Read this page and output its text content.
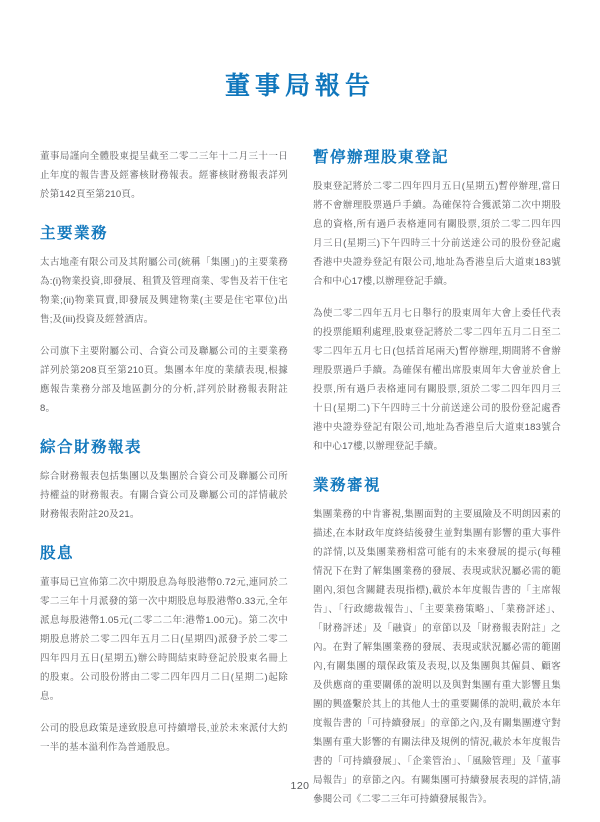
董事局報告

董事局謹向全體股東提呈截至二零二三年十二月三十一日止年度的報告書及經審核財務報表。經審核財務報表詳列於第142頁至第210頁。

主要業務

太古地產有限公司及其附屬公司(統稱「集團」)的主要業務為:(i)物業投資,即發展、租賃及管理商業、零售及若干住宅物業;(ii)物業買賣,即發展及興建物業(主要是住宅單位)出售;及(iii)投資及經營酒店。

公司旗下主要附屬公司、合資公司及聯屬公司的主要業務詳列於第208頁至第210頁。集團本年度的業績表現,根據應報告業務分部及地區劃分的分析,詳列於財務報表附註8。

綜合財務報表

綜合財務報表包括集團以及集團於合資公司及聯屬公司所持權益的財務報表。有關合資公司及聯屬公司的詳情載於財務報表附註20及21。

股息

董事局已宣佈第二次中期股息為每股港幣0.72元,連同於二零二三年十月派發的第一次中期股息每股港幣0.33元,全年派息每股港幣1.05元(二零二二年:港幣1.00元)。第二次中期股息將於二零二四年五月二日(星期四)派發予於二零二四年四月五日(星期五)辦公時間結束時登記於股東名冊上的股東。公司股份將由二零二四年四月二日(星期二)起除息。

公司的股息政策是達致股息可持續增長,並於未來派付大約一半的基本溢利作為普通股息。

暫停辦理股東登記

股東登記將於二零二四年四月五日(星期五)暫停辦理,當日將不會辦理股票過戶手續。為確保符合獲派第二次中期股息的資格,所有過戶表格連同有關股票,須於二零二四年四月三日(星期三)下午四時三十分前送達公司的股份登記處香港中央證券登記有限公司,地址為香港皇后大道東183號合和中心17樓,以辦理登記手續。

為使二零二四年五月七日舉行的股東周年大會上委任代表的投票能順利處理,股東登記將於二零二四年五月二日至二零二四年五月七日(包括首尾兩天)暫停辦理,期間將不會辦理股票過戶手續。為確保有權出席股東周年大會並於會上投票,所有過戶表格連同有關股票,須於二零二四年四月三十日(星期二)下午四時三十分前送達公司的股份登記處香港中央證券登記有限公司,地址為香港皇后大道東183號合和中心17樓,以辦理登記手續。

業務審視

集團業務的中肯審視,集團面對的主要風險及不明朗因素的描述,在本財政年度終結後發生並對集團有影響的重大事件的詳情,以及集團業務相當可能有的未來發展的提示(每種情況下在對了解集團業務的發展、表現或狀況屬必需的範圍內,須包含關鍵表現指標),載於本年度報告書的「主席報告」、「行政總裁報告」、「主要業務策略」、「業務評述」、「財務評述」及「融資」的章節以及「財務報表附註」之內。在對了解集團業務的發展、表現或狀況屬必需的範圍內,有關集團的環保政策及表現,以及集團與其僱員、顧客及供應商的重要關係的說明以及與對集團有重大影響且集團的興盛繫於其上的其他人士的重要關係的說明,載於本年度報告書的「可持續發展」的章節之內,及有關集團遵守對集團有重大影響的有關法律及規例的情況,載於本年度報告書的「可持續發展」、「企業管治」、「風險管理」及「董事局報告」的章節之內。有關集團可持續發展表現的詳情,請參閱公司《二零二三年可持續發展報告》。

120
